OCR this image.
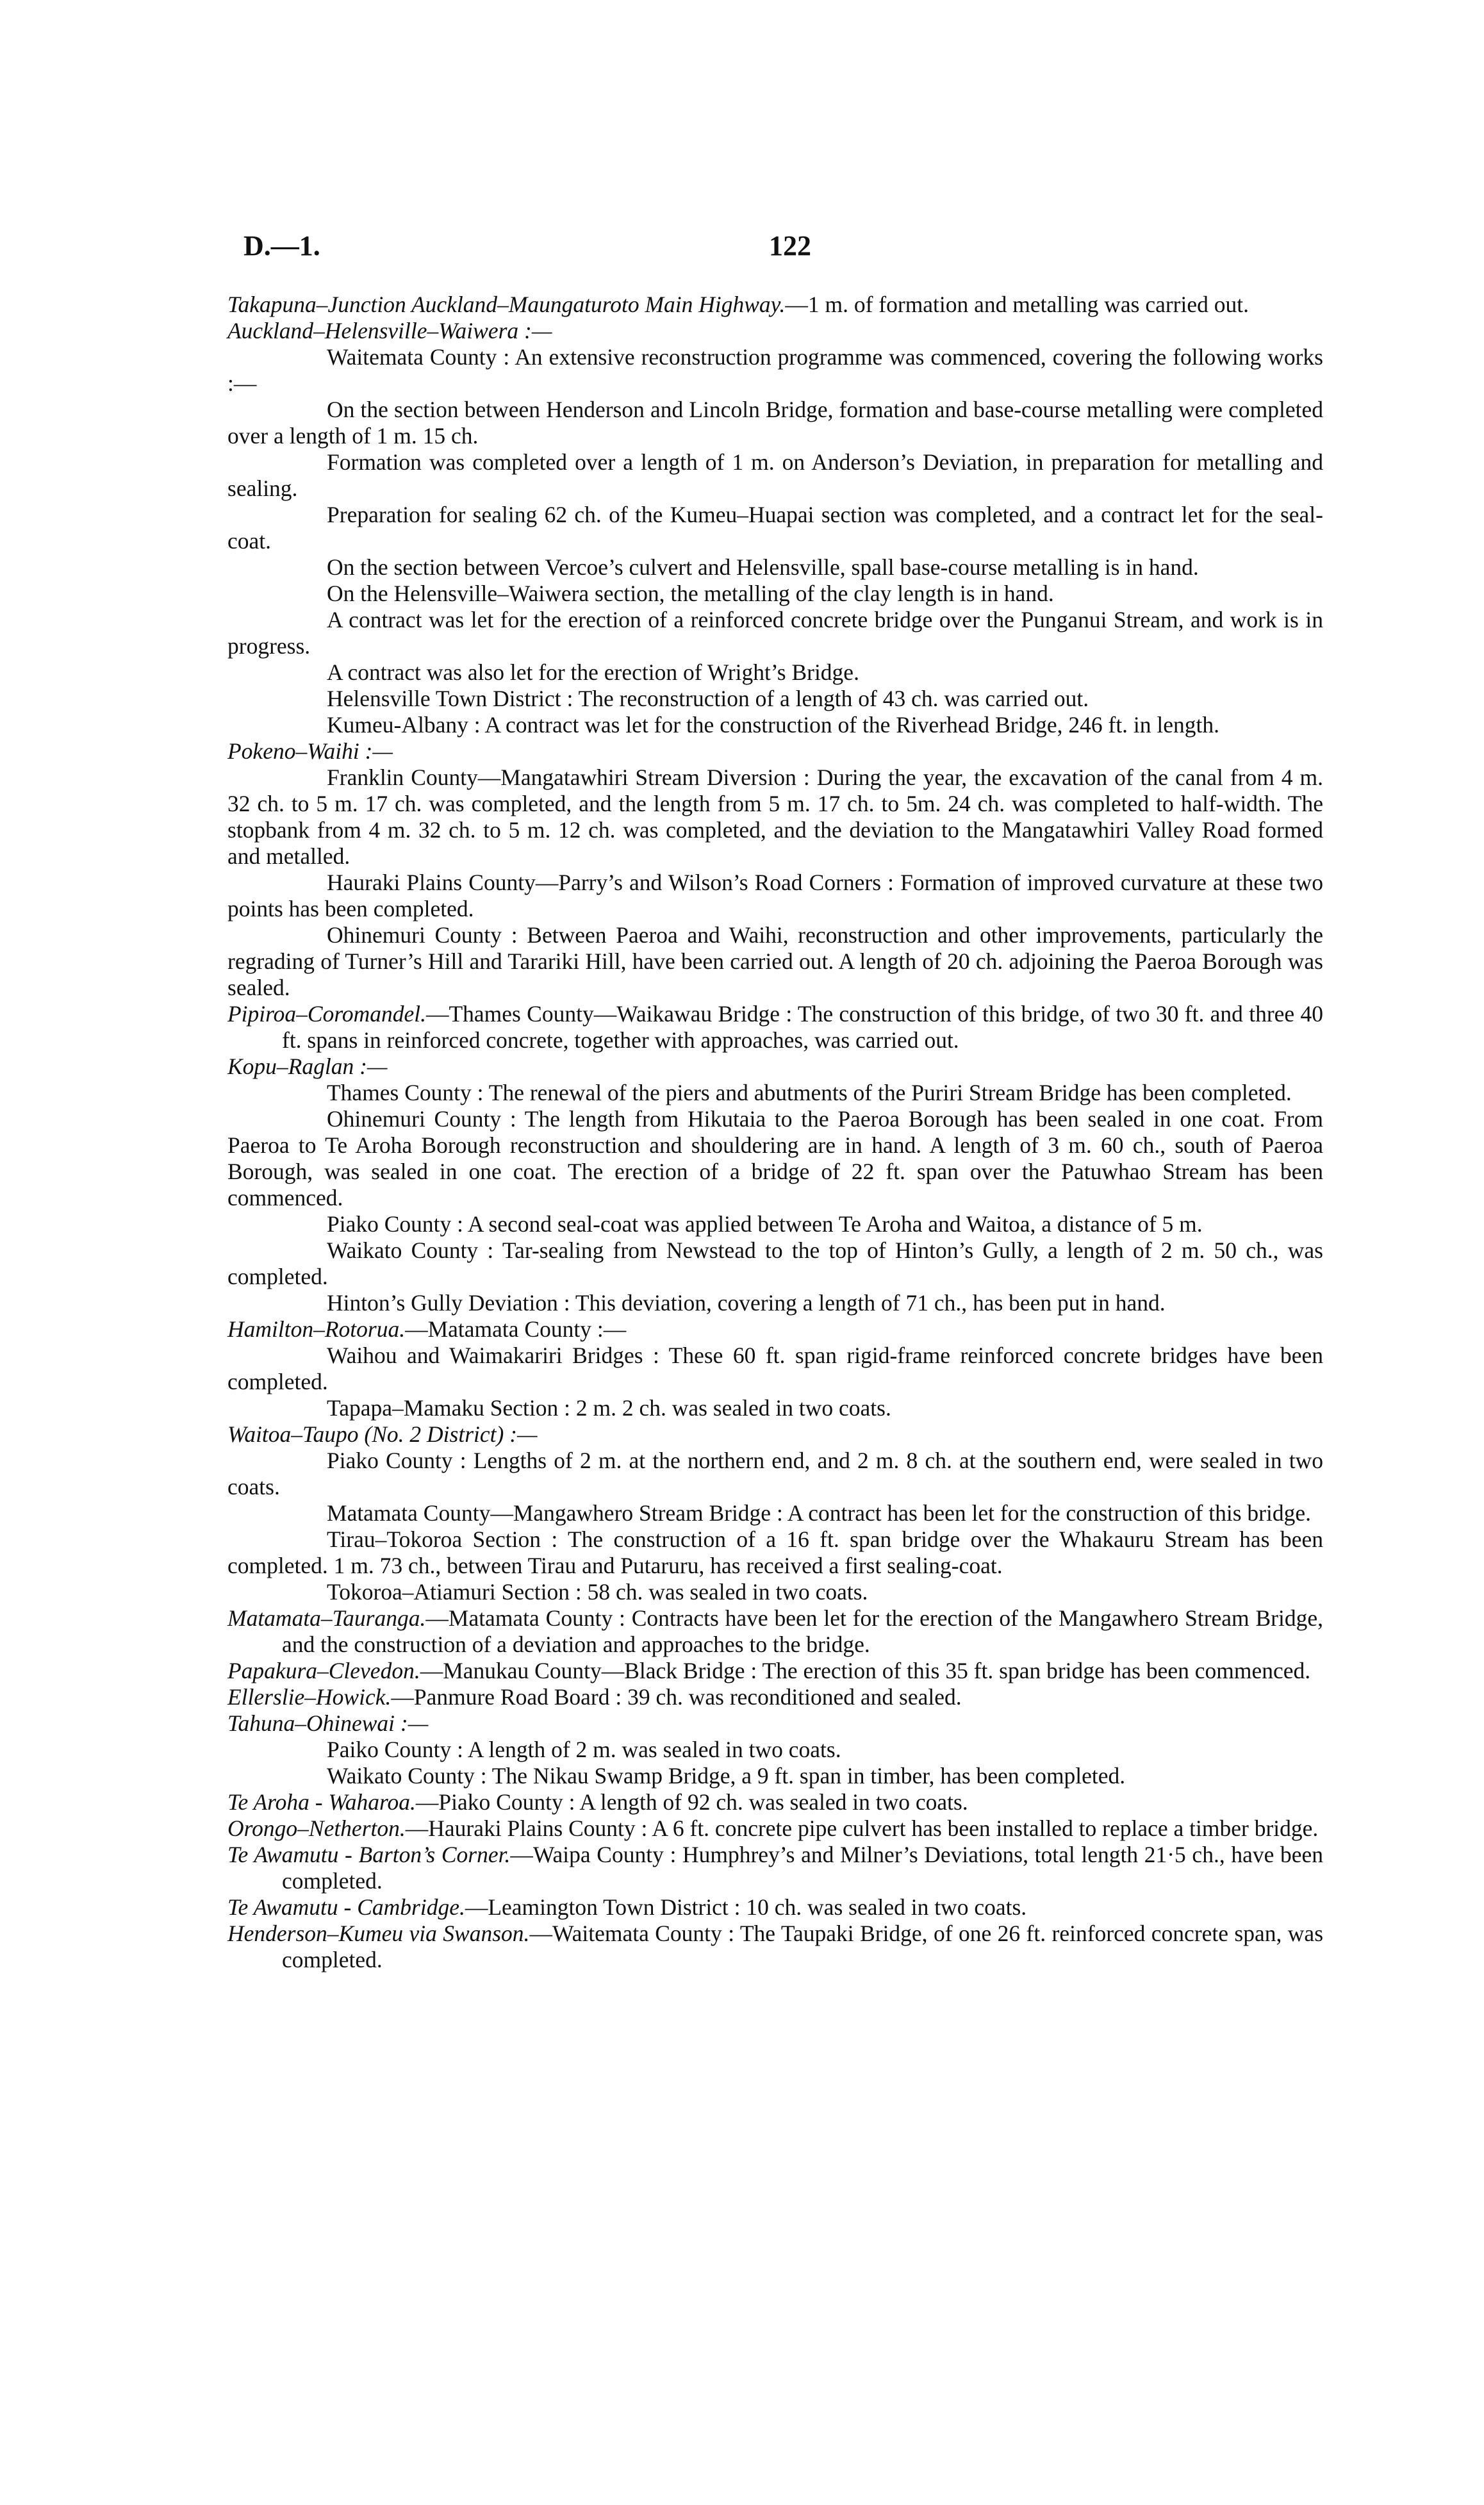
D.—1.	122

Takapuna–Junction Auckland–Maungaturoto Main Highway.—1 m. of formation and metalling was carried out.

Auckland–Helensville–Waiwera :—

Waitemata County : An extensive reconstruction programme was commenced, covering the following works :—

On the section between Henderson and Lincoln Bridge, formation and base-course metalling were completed over a length of 1 m. 15 ch.

Formation was completed over a length of 1 m. on Anderson’s Deviation, in preparation for metalling and sealing.

Preparation for sealing 62 ch. of the Kumeu–Huapai section was completed, and a contract let for the seal-coat.

On the section between Vercoe’s culvert and Helensville, spall base-course metalling is in hand.

On the Helensville–Waiwera section, the metalling of the clay length is in hand.

A contract was let for the erection of a reinforced concrete bridge over the Punganui Stream, and work is in progress.

A contract was also let for the erection of Wright’s Bridge.

Helensville Town District : The reconstruction of a length of 43 ch. was carried out.

Kumeu-Albany : A contract was let for the construction of the Riverhead Bridge, 246 ft. in length.

Pokeno–Waihi :—

Franklin County—Mangatawhiri Stream Diversion : During the year, the excavation of the canal from 4 m. 32 ch. to 5 m. 17 ch. was completed, and the length from 5 m. 17 ch. to 5m. 24 ch. was completed to half-width. The stopbank from 4 m. 32 ch. to 5 m. 12 ch. was completed, and the deviation to the Mangatawhiri Valley Road formed and metalled.

Hauraki Plains County—Parry’s and Wilson’s Road Corners : Formation of improved curvature at these two points has been completed.

Ohinemuri County : Between Paeroa and Waihi, reconstruction and other improvements, particularly the regrading of Turner’s Hill and Tarariki Hill, have been carried out. A length of 20 ch. adjoining the Paeroa Borough was sealed.

Pipiroa–Coromandel.—Thames County—Waikawau Bridge : The construction of this bridge, of two 30 ft. and three 40 ft. spans in reinforced concrete, together with approaches, was carried out.

Kopu–Raglan :—

Thames County : The renewal of the piers and abutments of the Puriri Stream Bridge has been completed.

Ohinemuri County : The length from Hikutaia to the Paeroa Borough has been sealed in one coat. From Paeroa to Te Aroha Borough reconstruction and shouldering are in hand. A length of 3 m. 60 ch., south of Paeroa Borough, was sealed in one coat. The erection of a bridge of 22 ft. span over the Patuwhao Stream has been commenced.

Piako County : A second seal-coat was applied between Te Aroha and Waitoa, a distance of 5 m.

Waikato County : Tar-sealing from Newstead to the top of Hinton’s Gully, a length of 2 m. 50 ch., was completed.

Hinton’s Gully Deviation : This deviation, covering a length of 71 ch., has been put in hand.

Hamilton–Rotorua.—Matamata County :—

Waihou and Waimakariri Bridges : These 60 ft. span rigid-frame reinforced concrete bridges have been completed.

Tapapa–Mamaku Section : 2 m. 2 ch. was sealed in two coats.

Waitoa–Taupo (No. 2 District) :—

Piako County : Lengths of 2 m. at the northern end, and 2 m. 8 ch. at the southern end, were sealed in two coats.

Matamata County—Mangawhero Stream Bridge : A contract has been let for the construction of this bridge.

Tirau–Tokoroa Section : The construction of a 16 ft. span bridge over the Whakauru Stream has been completed. 1 m. 73 ch., between Tirau and Putaruru, has received a first sealing-coat.

Tokoroa–Atiamuri Section : 58 ch. was sealed in two coats.

Matamata–Tauranga.—Matamata County : Contracts have been let for the erection of the Mangawhero Stream Bridge, and the construction of a deviation and approaches to the bridge.

Papakura–Clevedon.—Manukau County—Black Bridge : The erection of this 35 ft. span bridge has been commenced.

Ellerslie–Howick.—Panmure Road Board : 39 ch. was reconditioned and sealed.

Tahuna–Ohinewai :—

Paiko County : A length of 2 m. was sealed in two coats.

Waikato County : The Nikau Swamp Bridge, a 9 ft. span in timber, has been completed.

Te Aroha - Waharoa.—Piako County : A length of 92 ch. was sealed in two coats.

Orongo–Netherton.—Hauraki Plains County : A 6 ft. concrete pipe culvert has been installed to replace a timber bridge.

Te Awamutu - Barton’s Corner.—Waipa County : Humphrey’s and Milner’s Deviations, total length 21·5 ch., have been completed.

Te Awamutu - Cambridge.—Leamington Town District : 10 ch. was sealed in two coats.

Henderson–Kumeu via Swanson.—Waitemata County : The Taupaki Bridge, of one 26 ft. reinforced concrete span, was completed.
